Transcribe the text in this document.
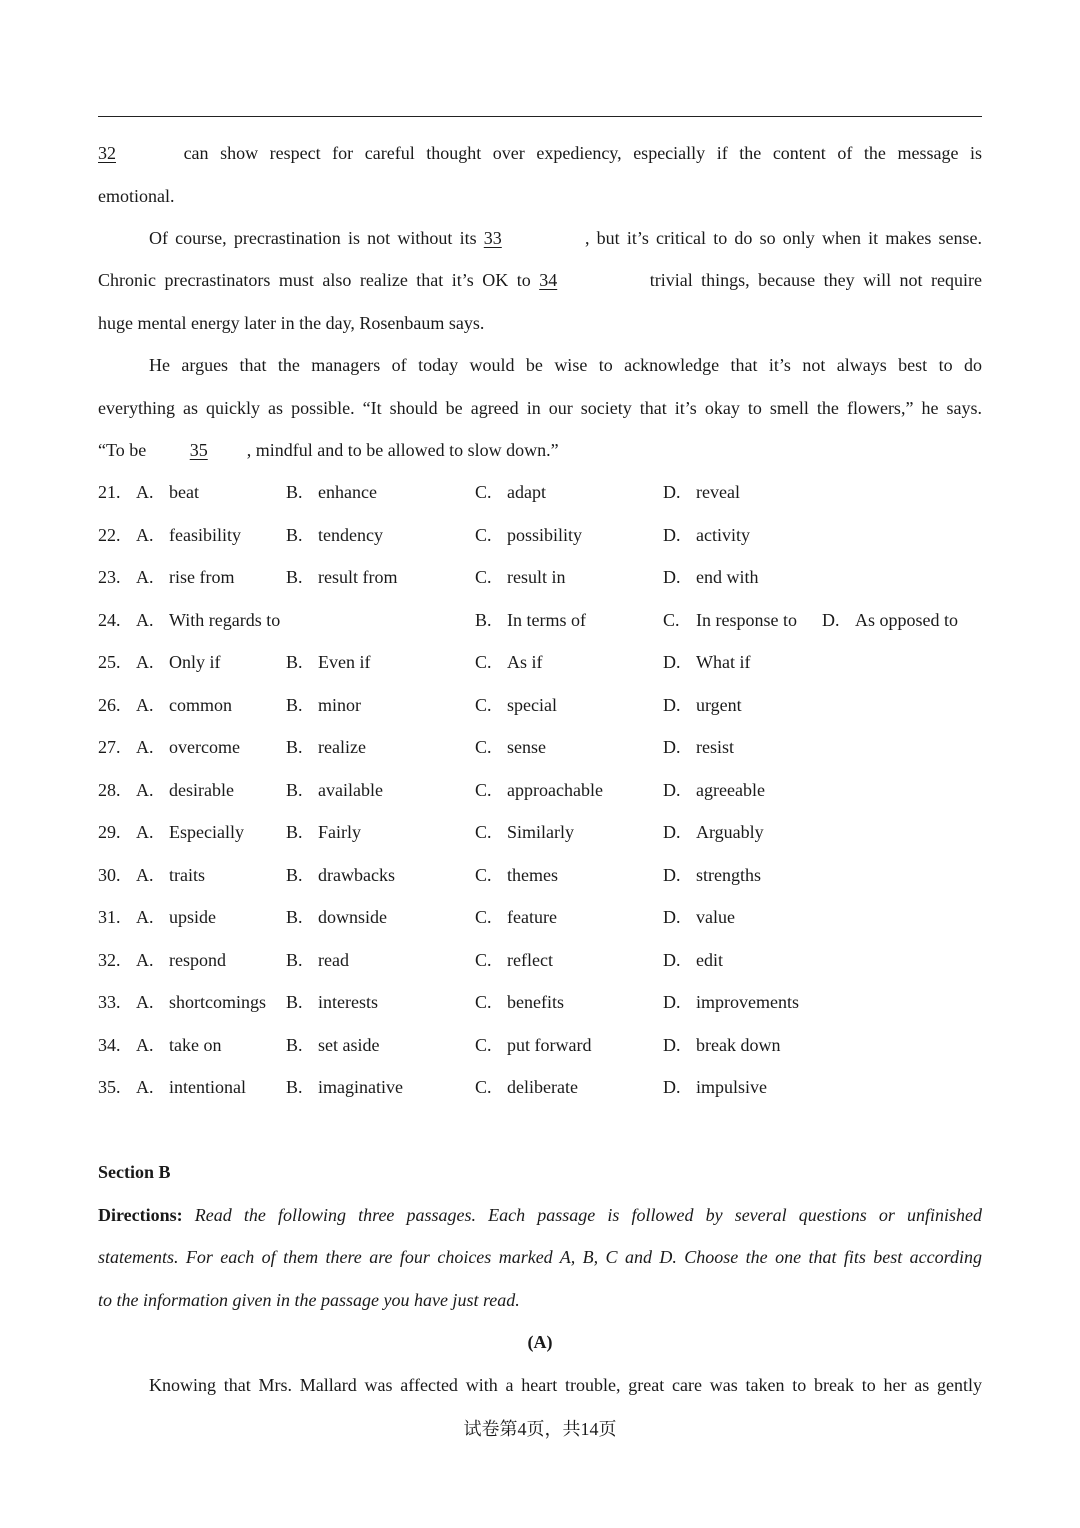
32	can show respect for careful thought over expediency, especially if the content of the message is
emotional.
Of course, precrastination is not without its 33	, but it’s critical to do so only when it makes sense.
Chronic precrastinators must also realize that it’s OK to 34	trivial things, because they will not require
huge mental energy later in the day, Rosenbaum says.
He argues that the managers of today would be wise to acknowledge that it’s not always best to do
everything as quickly as possible. “It should be agreed in our society that it’s okay to smell the flowers,” he says.
“To be 35 , mindful and to be allowed to slow down.”
21. A. beat	B. enhance	C. adapt	D. reveal
22. A. feasibility	B. tendency	C. possibility	D. activity
23. A. rise from	B. result from	C. result in	D. end with
24. A. With regards to	B. In terms of	C. In response to D. As opposed to
25. A. Only if	B. Even if	C. As if	D. What if
26. A. common	B. minor	C. special	D. urgent
27. A. overcome	B. realize	C. sense	D. resist
28. A. desirable	B. available	C. approachable	D. agreeable
29. A. Especially B. Fairly	C. Similarly	D. Arguably
30. A. traits	B. drawbacks	C. themes	D. strengths
31. A. upside	B. downside	C. feature	D. value
32. A. respond	B. read	C. reflect	D. edit
33. A. shortcomings B. interests	C. benefits	D. improvements
34. A. take on	B. set aside	C. put forward	D. break down
35. A. intentional B. imaginative	C. deliberate	D. impulsive
Section B
Directions: Read the following three passages. Each passage is followed by several questions or unfinished
statements. For each of them there are four choices marked A, B, C and D. Choose the one that fits best according
to the information given in the passage you have just read.
(A)
Knowing that Mrs. Mallard was affected with a heart trouble, great care was taken to break to her as gently
试卷第4页，共14页
